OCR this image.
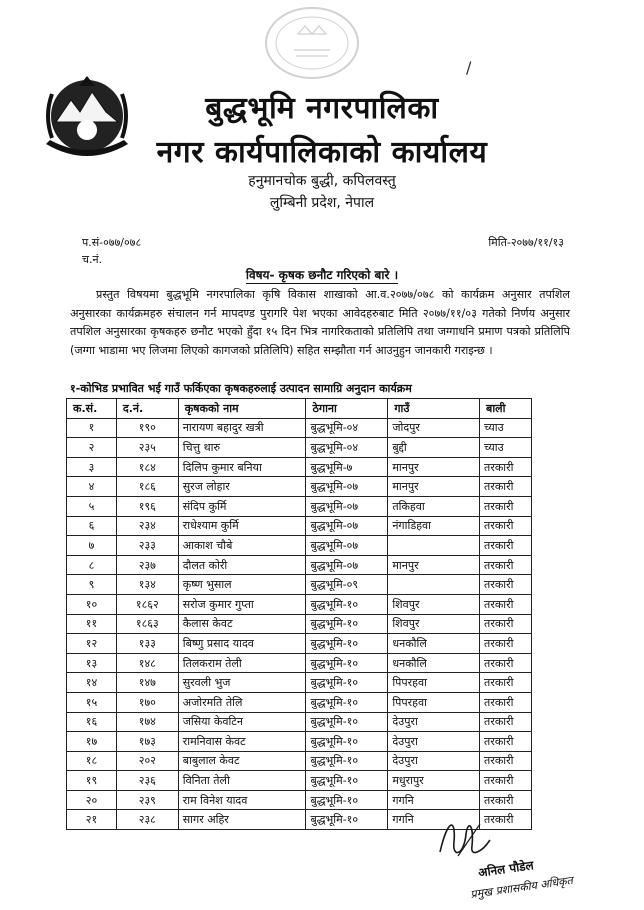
बुद्धभूमि नगरपालिका
नगर कार्यपालिकाको कार्यालय
हनुमानचोक बुद्धी, कपिलवस्तु
लुम्बिनी प्रदेश, नेपाल
/
प.सं-०७७/०७८
च.नं.
मिति-२०७७/११/१३
विषय- कृषक छनौट गरिएको बारे ।

प्रस्तुत विषयमा बुद्धभूमि नगरपालिका कृषि विकास शाखाको आ.व.२०७७/०७८ को कार्यक्रम अनुसार तपशिल अनुसारका कार्यक्रमहरु संचालन गर्न मापदण्ड पुरागरि पेश भएका आवेदहरुबाट मिति २०७७/११/०३ गतेको निर्णय अनुसार तपशिल अनुसारका कृषकहरु छनौट भएको हुँदा १५ दिन भित्र नागरिकताको प्रतिलिपि तथा जग्गाधनि प्रमाण पत्रको प्रतिलिपि (जग्गा भाडामा भए लिजमा लिएको कागजको प्रतिलिपि) सहित सम्झौता गर्न आउनुहुन जानकारी गराइन्छ ।

१-कोभिड प्रभावित भई गाउँ फर्किएका कृषकहरुलाई उत्पादन सामाग्रि अनुदान कार्यक्रम
क.सं.	द.नं.	कृषकको नाम	ठेगाना	गाउँ	बाली
१	१९०	नारायण बहादुर खत्री	बुद्धभूमि-०४	जोदपुर	च्याउ
२	२३५	चित्तु थारु	बुद्धभूमि-०४	बुद्दी	च्याउ
३	१८४	दिलिप कुमार बनिया	बुद्धभूमि-७	मानपुर	तरकारी
४	१८६	सुरज लोहार	बुद्धभूमि-०७	मानपुर	तरकारी
५	१९६	संदिप कुर्मि	बुद्धभूमि-०७	तकिहवा	तरकारी
६	२३४	राधेश्याम कुर्मि	बुद्धभूमि-०७	नंगाडिहवा	तरकारी
७	२३३	आकाश चौबे	बुद्धभूमि-०७		तरकारी
८	२३७	दौलत कोरी	बुद्धभूमि-०७	मानपुर	तरकारी
९	१३४	कृष्ण भुसाल	बुद्धभूमि-०९		तरकारी
१०	१८६२	सरोज कुमार गुप्ता	बुद्धभूमि-१०	शिवपुर	तरकारी
११	१८६३	कैलास केवट	बुद्धभूमि-१०	शिवपुर	तरकारी
१२	१३३	बिष्णु प्रसाद यादव	बुद्धभूमि-१०	धनकौलि	तरकारी
१३	१४८	तिलकराम तेली	बुद्धभूमि-१०	धनकौलि	तरकारी
१४	१४७	सुरवली भुज	बुद्धभूमि-१०	पिपरहवा	तरकारी
१५	१७०	अजोरमति तेलि	बुद्धभूमि-१०	पिपरहवा	तरकारी
१६	१७४	जसिया केवटिन	बुद्धभूमि-१०	देउपुरा	तरकारी
१७	१७३	रामनिवास केवट	बुद्धभूमि-१०	देउपुरा	तरकारी
१८	२०२	बाबुलाल केवट	बुद्धभूमि-१०	देउपुरा	तरकारी
१९	२३६	विनिता तेली	बुद्धभूमि-१०	मधुरापुर	तरकारी
२०	२३९	राम विनेश यादव	बुद्धभूमि-१०	गगनि	तरकारी
२१	२३८	सागर अहिर	बुद्धभूमि-१०	गगनि	तरकारी
अनिल पौडेल
प्रमुख प्रशासकीय अधिकृत
